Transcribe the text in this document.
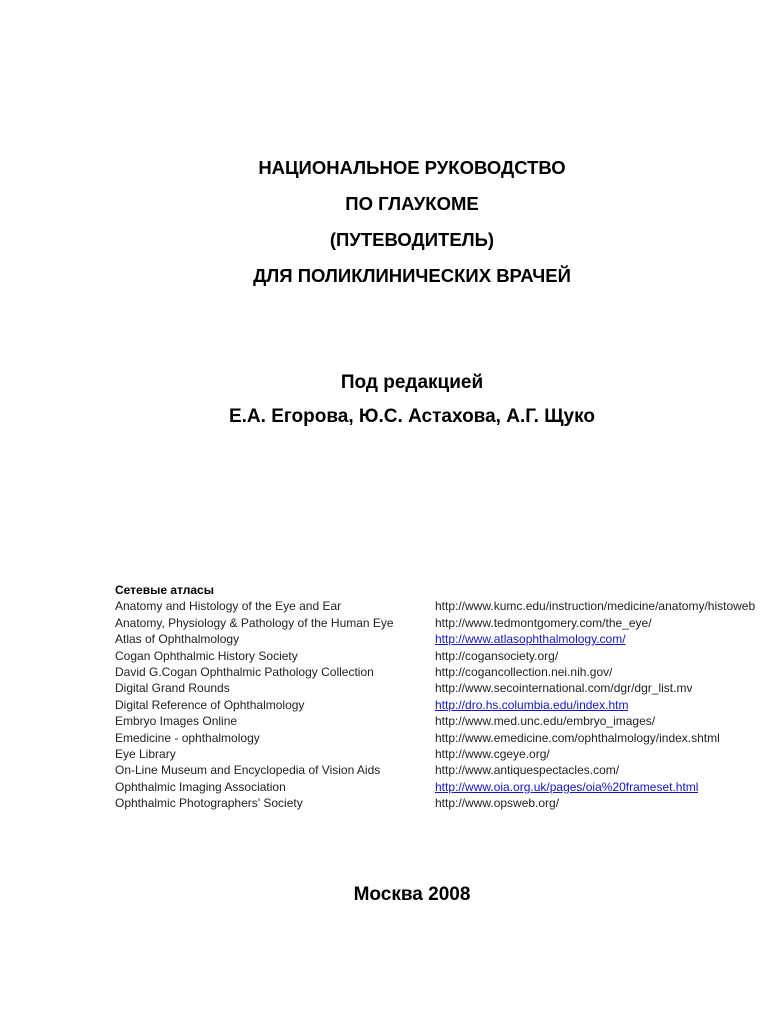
НАЦИОНАЛЬНОЕ РУКОВОДСТВО
ПО ГЛАУКОМЕ
(ПУТЕВОДИТЕЛЬ)
ДЛЯ ПОЛИКЛИНИЧЕСКИХ ВРАЧЕЙ
Под редакцией
Е.А. Егорова, Ю.С. Астахова, А.Г. Щуко
Сетевые атласы
Anatomy and Histology of the Eye and Ear	http://www.kumc.edu/instruction/medicine/anatomy/histoweb
Anatomy, Physiology & Pathology of the Human Eye	http://www.tedmontgomery.com/the_eye/
Atlas of Ophthalmology	http://www.atlasophthalmology.com/
Cogan Ophthalmic History Society	http://cogansociety.org/
David G.Cogan Ophthalmic Pathology Collection	http://cogancollection.nei.nih.gov/
Digital Grand Rounds	http://www.secointernational.com/dgr/dgr_list.mv
Digital Reference of Ophthalmology	http://dro.hs.columbia.edu/index.htm
Embryo Images Online	http://www.med.unc.edu/embryo_images/
Emedicine - ophthalmology	http://www.emedicine.com/ophthalmology/index.shtml
Eye Library	http://www.cgeye.org/
On-Line Museum and Encyclopedia of Vision Aids	http://www.antiquespectacles.com/
Ophthalmic Imaging Association	http://www.oia.org.uk/pages/oia%20frameset.html
Ophthalmic Photographers' Society	http://www.opsweb.org/
Москва 2008
